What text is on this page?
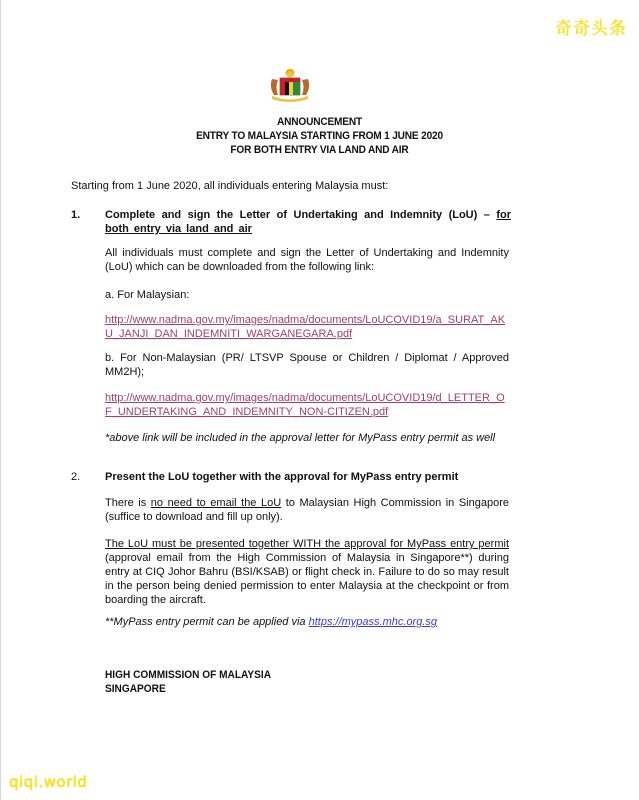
奇奇头条
ANNOUNCEMENT
ENTRY TO MALAYSIA STARTING FROM 1 JUNE 2020
FOR BOTH ENTRY VIA LAND AND AIR
Starting from 1 June 2020, all individuals entering Malaysia must:
1. Complete and sign the Letter of Undertaking and Indemnity (LoU) – for both entry via land and air
All individuals must complete and sign the Letter of Undertaking and Indemnity (LoU) which can be downloaded from the following link:
a. For Malaysian:
http://www.nadma.gov.my/images/nadma/documents/LoUCOVID19/a_SURAT_AKU_JANJI_DAN_INDEMNITI_WARGANEGARA.pdf
b. For Non-Malaysian (PR/ LTSVP Spouse or Children / Diplomat / Approved MM2H);
http://www.nadma.gov.my/images/nadma/documents/LoUCOVID19/d_LETTER_OF_UNDERTAKING_AND_INDEMNITY_NON-CITIZEN.pdf
*above link will be included in the approval letter for MyPass entry permit as well
2. Present the LoU together with the approval for MyPass entry permit
There is no need to email the LoU to Malaysian High Commission in Singapore (suffice to download and fill up only).
The LoU must be presented together WITH the approval for MyPass entry permit (approval email from the High Commission of Malaysia in Singapore**) during entry at CIQ Johor Bahru (BSI/KSAB) or flight check in. Failure to do so may result in the person being denied permission to enter Malaysia at the checkpoint or from boarding the aircraft.
**MyPass entry permit can be applied via https://mypass.mhc.org.sg
HIGH COMMISSION OF MALAYSIA
SINGAPORE
qiqi.world
